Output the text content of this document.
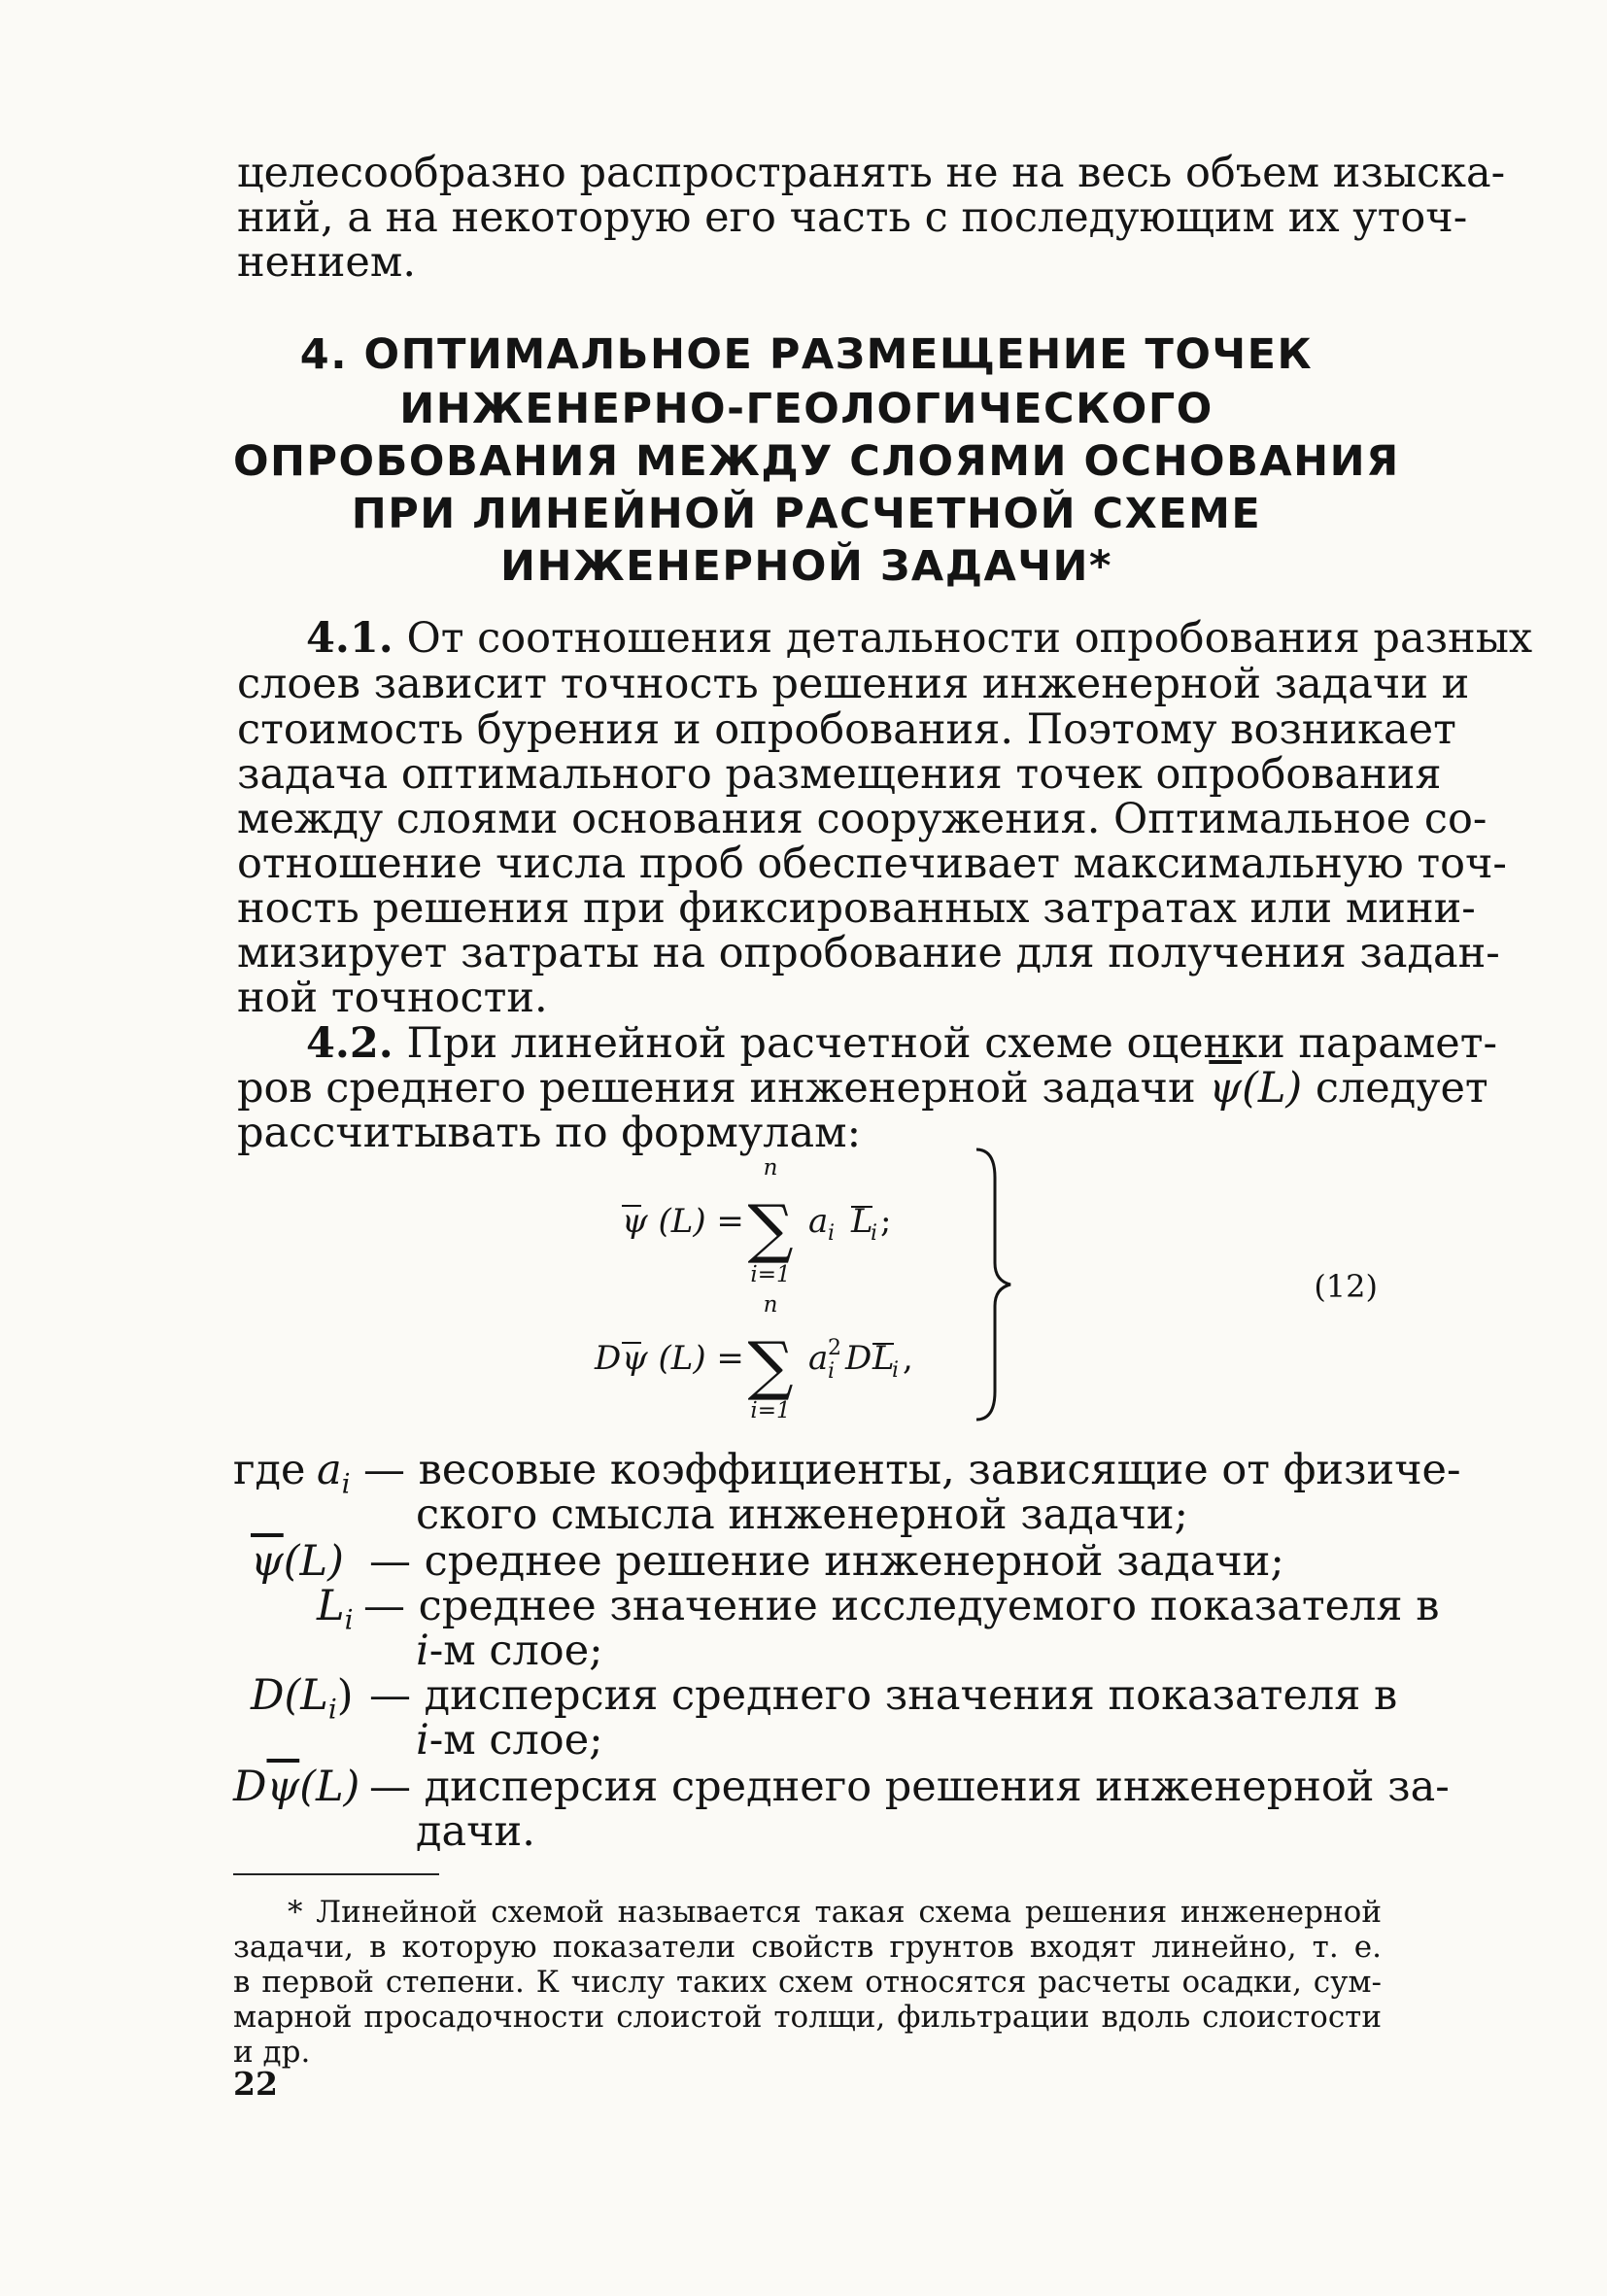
целесообразно распространять не на весь объем изыска-
ний, а на некоторую его часть с последующим их уточ-
нением.
4. ОПТИМАЛЬНОЕ РАЗМЕЩЕНИЕ ТОЧЕК
ИНЖЕНЕРНО-ГЕОЛОГИЧЕСКОГО
ОПРОБОВАНИЯ МЕЖДУ СЛОЯМИ ОСНОВАНИЯ
ПРИ ЛИНЕЙНОЙ РАСЧЕТНОЙ СХЕМЕ
ИНЖЕНЕРНОЙ ЗАДАЧИ*
4.1. От соотношения детальности опробования разных
слоев зависит точность решения инженерной задачи и
стоимость бурения и опробования. Поэтому возникает
задача оптимального размещения точек опробования
между слоями основания сооружения. Оптимальное со-
отношение числа проб обеспечивает максимальную точ-
ность решения при фиксированных затратах или мини-
мизирует затраты на опробование для получения задан-
ной точности.
4.2. При линейной расчетной схеме оценки парамет-
ров среднего решения инженерной задачи $\overline{\psi}(L)$ следует
рассчитывать по формулам:
ψ (L) =
n
∑
i=1
a i L
i ;
D ψ (L) =
n
∑
i=1
a 2
i D L
i ,
(12)
где $a_i$ — весовые коэффициенты, зависящие от физиче-
ского смысла инженерной задачи;
$\overline{\psi}(L)$ — среднее решение инженерной задачи;
$L_i$ — среднее значение исследуемого показателя в
i-м слое;
$D(L_i)$ — дисперсия среднего значения показателя в
i-м слое;
$D\overline{\psi}(L)$ — дисперсия среднего решения инженерной за-
дачи.
* Линейной схемой называется такая схема решения инженерной
задачи, в которую показатели свойств грунтов входят линейно, т. е.
в первой степени. К числу таких схем относятся расчеты осадки, сум-
марной просадочности слоистой толщи, фильтрации вдоль слоистости
и др.
22
